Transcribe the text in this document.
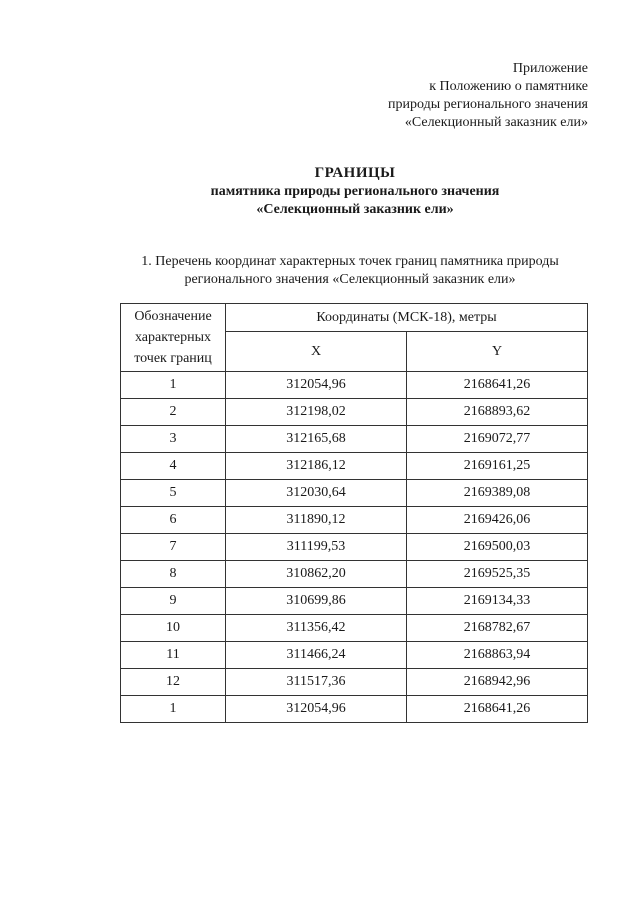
Приложение
к Положению о памятнике
природы регионального значения
«Селекционный заказник ели»
ГРАНИЦЫ
памятника природы регионального значения
«Селекционный заказник ели»
1. Перечень координат характерных точек границ памятника природы
регионального значения «Селекционный заказник ели»
Обозначение характерных точек границ	Координаты (МСК-18), метры	
	X	Y
1	312054,96	2168641,26
2	312198,02	2168893,62
3	312165,68	2169072,77
4	312186,12	2169161,25
5	312030,64	2169389,08
6	311890,12	2169426,06
7	311199,53	2169500,03
8	310862,20	2169525,35
9	310699,86	2169134,33
10	311356,42	2168782,67
11	311466,24	2168863,94
12	311517,36	2168942,96
1	312054,96	2168641,26
